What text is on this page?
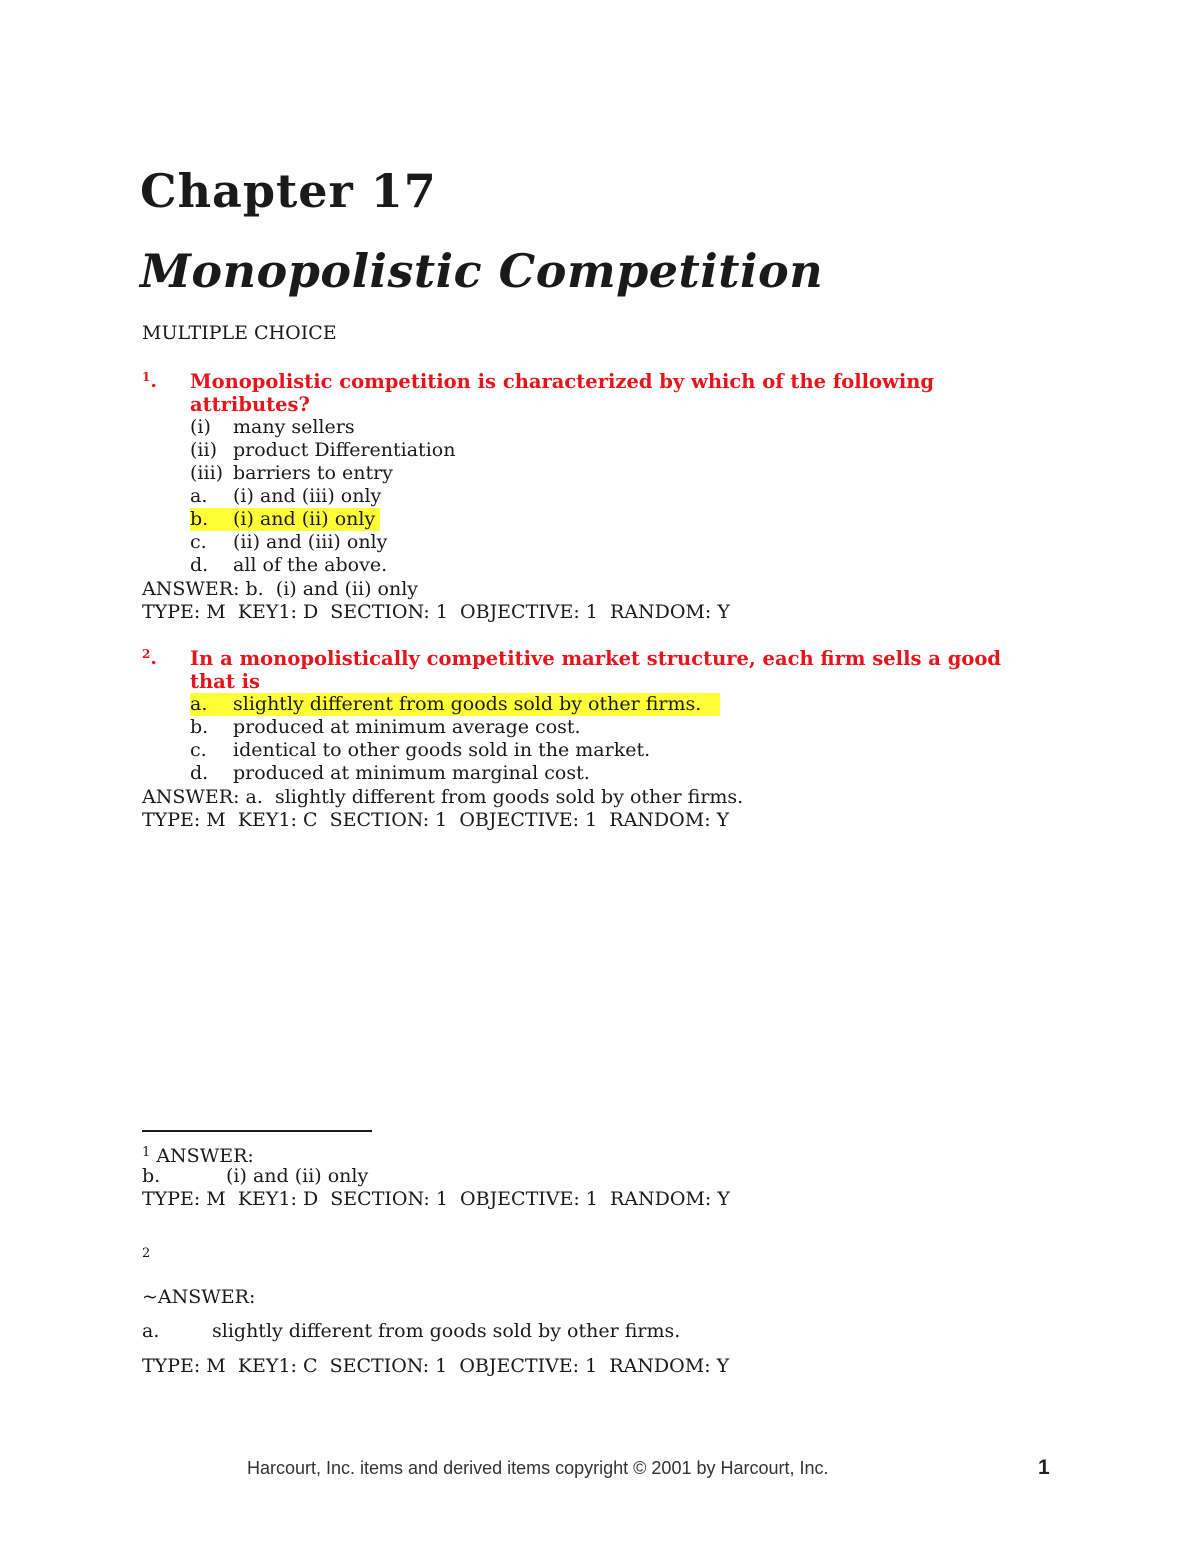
Chapter 17
Monopolistic Competition
MULTIPLE CHOICE
$^1$. Monopolistic competition is characterized by which of the following
attributes?
(i) many sellers
(ii) product Differentiation
(iii) barriers to entry
a. (i) and (iii) only
b. (i) and (ii) only
c. (ii) and (iii) only
d. all of the above.
ANSWER: b.  (i) and (ii) only
TYPE: M  KEY1: D  SECTION: 1  OBJECTIVE: 1  RANDOM: Y
$^2$. In a monopolistically competitive market structure, each firm sells a good
that is
a. slightly different from goods sold by other firms.
b. produced at minimum average cost.
c. identical to other goods sold in the market.
d. produced at minimum marginal cost.
ANSWER: a.  slightly different from goods sold by other firms.
TYPE: M  KEY1: C  SECTION: 1  OBJECTIVE: 1  RANDOM: Y
$^1$ ANSWER:
b.	(i) and (ii) only
TYPE: M  KEY1: D  SECTION: 1  OBJECTIVE: 1  RANDOM: Y
2
~ANSWER:
a.	slightly different from goods sold by other firms.
TYPE: M  KEY1: C  SECTION: 1  OBJECTIVE: 1  RANDOM: Y
Harcourt, Inc. items and derived items copyright © 2001 by Harcourt, Inc.	1
